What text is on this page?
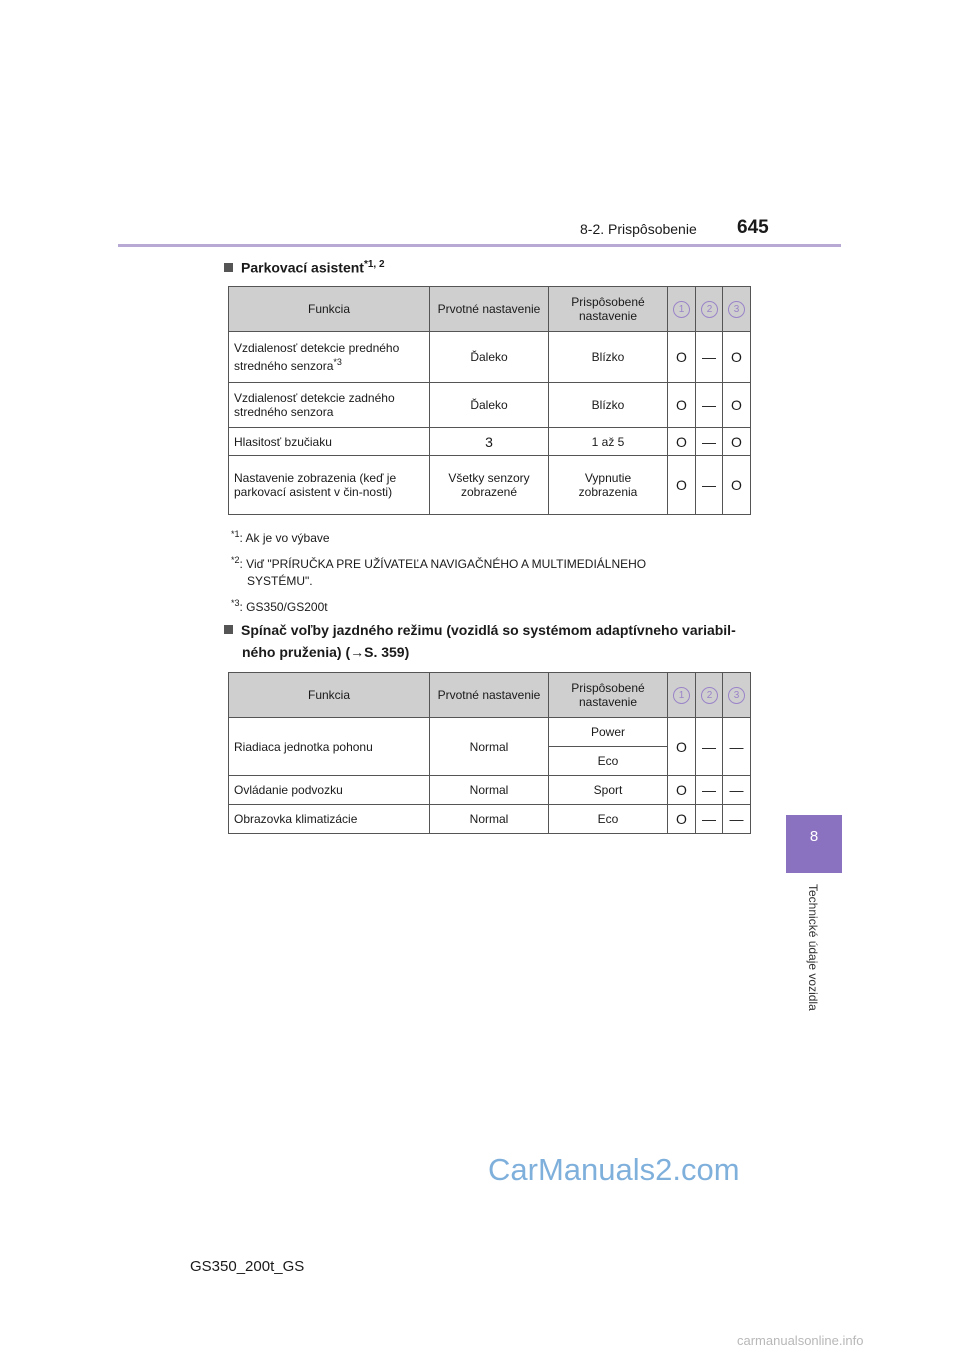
8-2. Prispôsobenie 645
8
Technické údaje vozidla
Parkovací asistent$^{*1, 2}$
Funkcia	Prvotné nastavenie	Prispôsobené nastavenie	1	2	3
Vzdialenosť detekcie predného stredného senzora$^{*3}$	Ďaleko	Blízko	O	—	O
Vzdialenosť detekcie zadného stredného senzora	Ďaleko	Blízko	O	—	O
Hlasitosť bzučiaku	3	1 až 5	O	—	O
Nastavenie zobrazenia (keď je parkovací asistent v čin-nosti)	Všetky senzory zobrazené	Vypnutie zobrazenia	O	—	O
$^{*1}$: Ak je vo výbave
$^{*2}$: Viď "PRÍRUČKA PRE UŽÍVATEĽA NAVIGAČNÉHO A MULTIMEDIÁLNEHO
SYSTÉMU".
$^{*3}$: GS350/GS200t
Spínač voľby jazdného režimu (vozidlá so systémom adaptívneho variabil-
ného pruženia) (→S. 359)
Funkcia	Prvotné nastavenie	Prispôsobené nastavenie	1	2	3
Riadiaca jednotka pohonu	Normal	Power	O	—	—
		Eco			
Ovládanie podvozku	Normal	Sport	O	—	—
Obrazovka klimatizácie	Normal	Eco	O	—	—
CarManuals2.com
GS350_200t_GS
carmanualsonline.info
